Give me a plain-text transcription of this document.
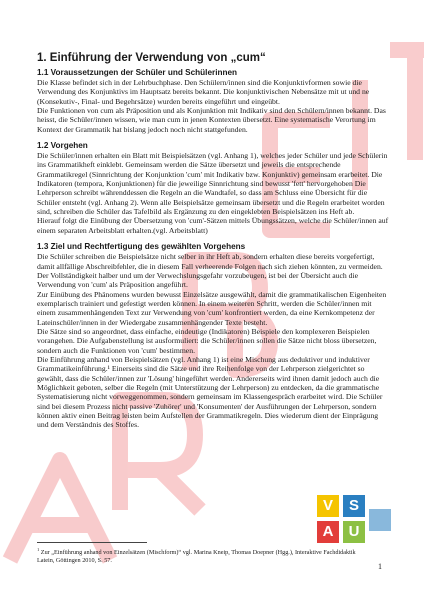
1. Einführung der Verwendung von „cum“
1.1 Voraussetzungen der Schüler und Schülerinnen

Die Klasse befindet sich in der Lehrbuchphase. Den Schülern/innen sind die Konjunktivformen sowie die Verwendung des Konjunktivs im Hauptsatz bereits bekannt. Die konjunktivischen Nebensätze mit ut und ne (Konsekutiv-, Final- und Begehrsätze) wurden bereits eingeführt und eingeübt.

Die Funktionen von cum als Präposition und als Konjunktion mit Indikativ sind den Schülern/innen bekannt. Das heisst, die Schüler/innen wissen, wie man cum in jenen Kontexten übersetzt. Eine systematische Verortung im Kontext der Grammatik hat bislang jedoch noch nicht stattgefunden.

1.2 Vorgehen

Die Schüler/innen erhalten ein Blatt mit Beispielsätzen (vgl. Anhang 1), welches jeder Schüler und jede Schülerin ins Grammatikheft einklebt. Gemeinsam werden die Sätze übersetzt und jeweils die entsprechende Grammatikregel (Sinnrichtung der Konjunktion 'cum' mit Indikativ bzw. Konjunktiv) gemeinsam erarbeitet. Die Indikatoren (tempora, Konjunktionen) für die jeweilige Sinnrichtung sind bewusst 'fett' hervorgehoben Die Lehrperson schreibt währenddessen die Regeln an die Wandtafel, so dass am Schluss eine Übersicht für die Schüler entsteht (vgl. Anhang 2). Wenn alle Beispielsätze gemeinsam übersetzt und die Regeln erarbeitet worden sind, schreiben die Schüler das Tafelbild als Ergänzung zu den eingeklebten Beispielsätzen ins Heft ab.

Hierauf folgt die Einübung der Übersetzung von 'cum'-Sätzen mittels Übungssätzen, welche die Schüler/innen auf einem separaten Arbeitsblatt erhalten.(vgl. Arbeitsblatt)

1.3 Ziel und Rechtfertigung des gewählten Vorgehens

Die Schüler schreiben die Beispielsätze nicht selber in ihr Heft ab, sondern erhalten diese bereits vorgefertigt, damit allfällige Abschreibfehler, die in diesem Fall verheerende Folgen nach sich ziehen könnten, zu vermeiden. Der Vollständigkeit halber und um der Verwechslungsgefahr vorzubeugen, ist bei der Übersicht auch die Verwendung von 'cum' als Präposition angeführt.

Zur Einübung des Phänomens wurden bewusst Einzelsätze ausgewählt, damit die grammatikalischen Eigenheiten exemplarisch trainiert und gefestigt werden können. In einem weiteren Schritt, werden die Schüler/innen mit einem zusammenhängenden Text zur Verwendung von 'cum' konfrontiert werden, da eine Kernkompetenz der Lateinschüler/innen in der Wiedergabe zusammenhängender Texte besteht.

Die Sätze sind so angeordnet, dass einfache, eindeutige (Indikatoren) Beispiele den komplexeren Beispielen vorangehen. Die Aufgabenstellung ist ausformuliert: die Schüler/innen sollen die Sätze nicht bloss übersetzen, sondern auch die Funktionen von 'cum' bestimmen.

Die Einführung anhand von Beispielsätzen (vgl. Anhang 1) ist eine Mischung aus deduktiver und induktiver Grammatikeinführung.¹ Einerseits sind die Sätze und ihre Reihenfolge von der Lehrperson zielgerichtet so gewählt, dass die Schüler/innen zur 'Lösung' hingeführt werden. Andererseits wird ihnen damit jedoch auch die Möglichkeit geboten, selber die Regeln (mit Unterstützung der Lehrperson) zu entdecken, da die grammatische Systematisierung nicht vorweggenommen, sondern gemeinsam im Klassengespräch erarbeitet wird. Die Schüler sind bei diesem Prozess nicht passive 'Zuhörer' und 'Konsumenten' der Ausführungen der Lehrperson, sondern können aktiv einen Beitrag leisten beim Aufstellen der Grammatikregeln. Dies wiederum dient der Einprägung und dem Verständnis des Stoffes.

$^1$ Zur „Einführung anhand von Einzelsätzen (Mischform)“ vgl. Marina Kneip, Thomas Doepner (Hgg.), Interaktive Fachdidaktik Latein, Göttingen 2010, S. 57.
V	S
A	U
1
